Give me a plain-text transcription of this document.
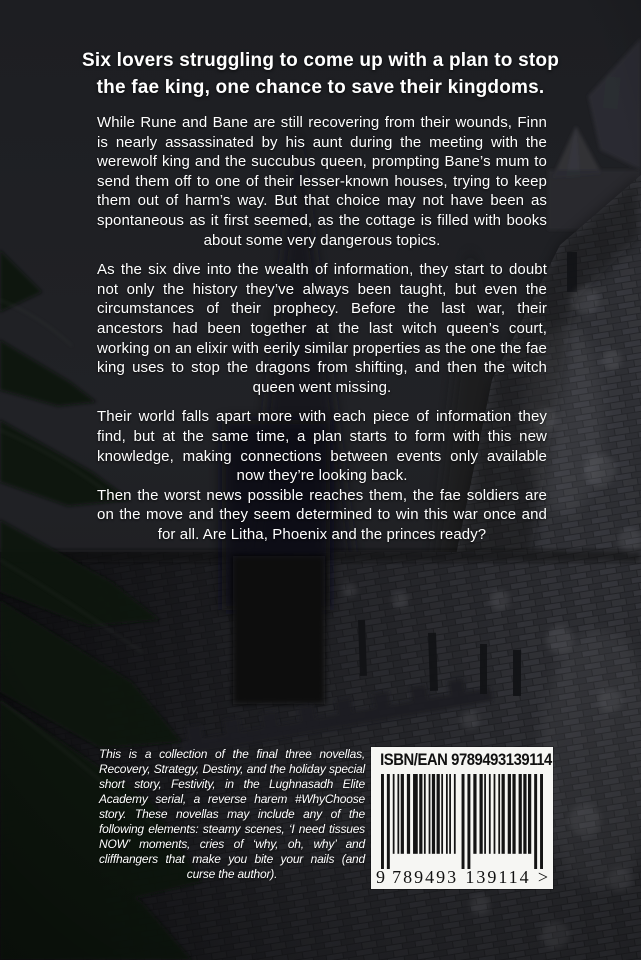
Six lovers struggling to come up with a plan to stop
the fae king, one chance to save their kingdoms.

While Rune and Bane are still recovering from their wounds, Finn is nearly assassinated by his aunt during the meeting with the werewolf king and the succubus queen, prompting Bane’s mum to send them off to one of their lesser-known houses, trying to keep them out of harm’s way. But that choice may not have been as spontaneous as it first seemed, as the cottage is filled with books about some very dangerous topics.

As the six dive into the wealth of information, they start to doubt not only the history they’ve always been taught, but even the circumstances of their prophecy. Before the last war, their ancestors had been together at the last witch queen’s court, working on an elixir with eerily similar properties as the one the fae king uses to stop the dragons from shifting, and then the witch queen went missing.

Their world falls apart more with each piece of information they find, but at the same time, a plan starts to form with this new knowledge, making connections between events only available now they’re looking back.

Then the worst news possible reaches them, the fae soldiers are on the move and they seem determined to win this war once and for all. Are Litha, Phoenix and the princes ready?

This is a collection of the final three novellas, Recovery, Strategy, Destiny, and the holiday special short story, Festivity, in the Lughnasadh Elite Academy serial, a reverse harem #WhyChoose story. These novellas may include any of the following elements: steamy scenes, ‘I need tissues NOW’ moments, cries of ‘why, oh, why’ and cliffhangers that make you bite your nails (and curse the author).

ISBN/EAN 9789493139114
9 789493 139114 >
